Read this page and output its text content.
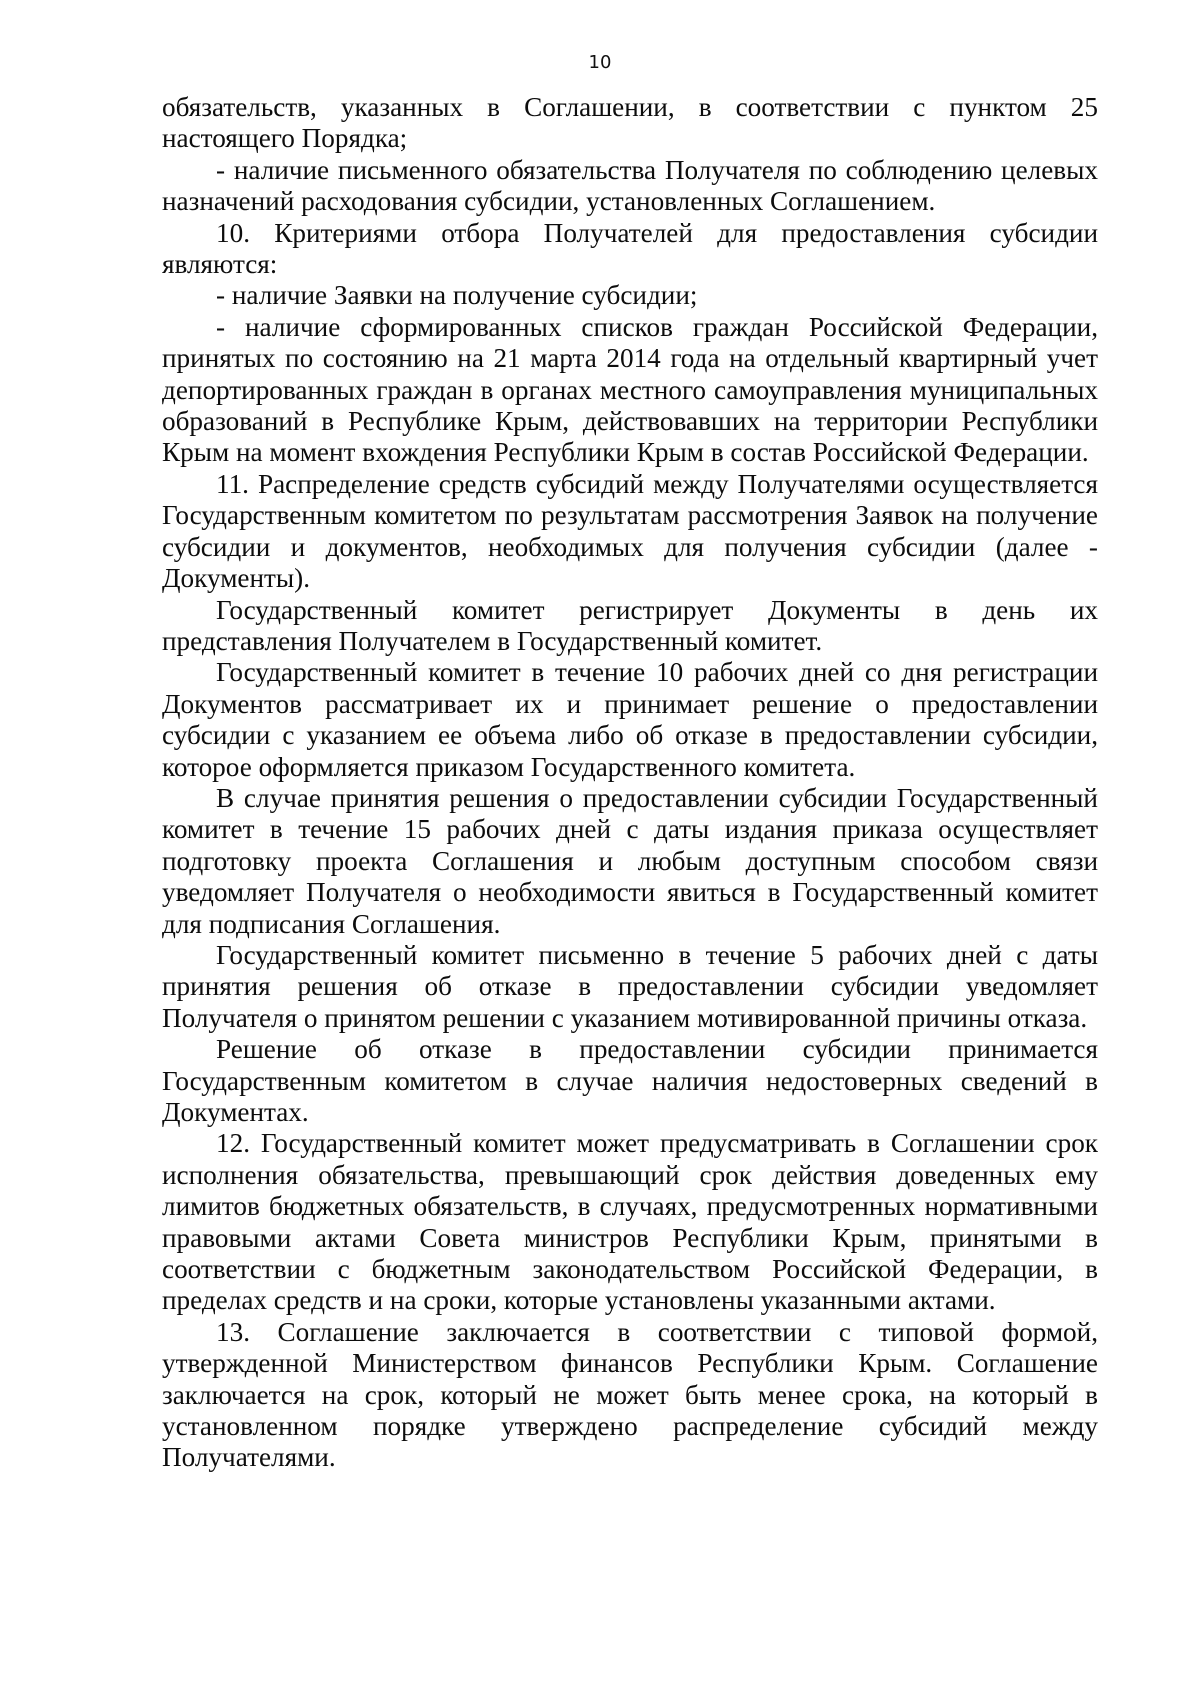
10

обязательств, указанных в Соглашении, в соответствии с пунктом 25 настоящего Порядка;

- наличие письменного обязательства Получателя по соблюдению целевых назначений расходования субсидии, установленных Соглашением.

10. Критериями отбора Получателей для предоставления субсидии являются:

- наличие Заявки на получение субсидии;

- наличие сформированных списков граждан Российской Федерации, принятых по состоянию на 21 марта 2014 года на отдельный квартирный учет депортированных граждан в органах местного самоуправления муниципальных образований в Республике Крым, действовавших на территории Республики Крым на момент вхождения Республики Крым в состав Российской Федерации.

11. Распределение средств субсидий между Получателями осуществляется Государственным комитетом по результатам рассмотрения Заявок на получение субсидии и документов, необходимых для получения субсидии (далее - Документы).

Государственный комитет регистрирует Документы в день их представления Получателем в Государственный комитет.

Государственный комитет в течение 10 рабочих дней со дня регистрации Документов рассматривает их и принимает решение о предоставлении субсидии с указанием ее объема либо об отказе в предоставлении субсидии, которое оформляется приказом Государственного комитета.

В случае принятия решения о предоставлении субсидии Государственный комитет в течение 15 рабочих дней с даты издания приказа осуществляет подготовку проекта Соглашения и любым доступным способом связи уведомляет Получателя о необходимости явиться в Государственный комитет для подписания Соглашения.

Государственный комитет письменно в течение 5 рабочих дней с даты принятия решения об отказе в предоставлении субсидии уведомляет Получателя о принятом решении с указанием мотивированной причины отказа.

Решение об отказе в предоставлении субсидии принимается Государственным комитетом в случае наличия недостоверных сведений в Документах.

12. Государственный комитет может предусматривать в Соглашении срок исполнения обязательства, превышающий срок действия доведенных ему лимитов бюджетных обязательств, в случаях, предусмотренных нормативными правовыми актами Совета министров Республики Крым, принятыми в соответствии с бюджетным законодательством Российской Федерации, в пределах средств и на сроки, которые установлены указанными актами.

13. Соглашение заключается в соответствии с типовой формой, утвержденной Министерством финансов Республики Крым. Соглашение заключается на срок, который не может быть менее срока, на который в установленном порядке утверждено распределение субсидий между Получателями.
